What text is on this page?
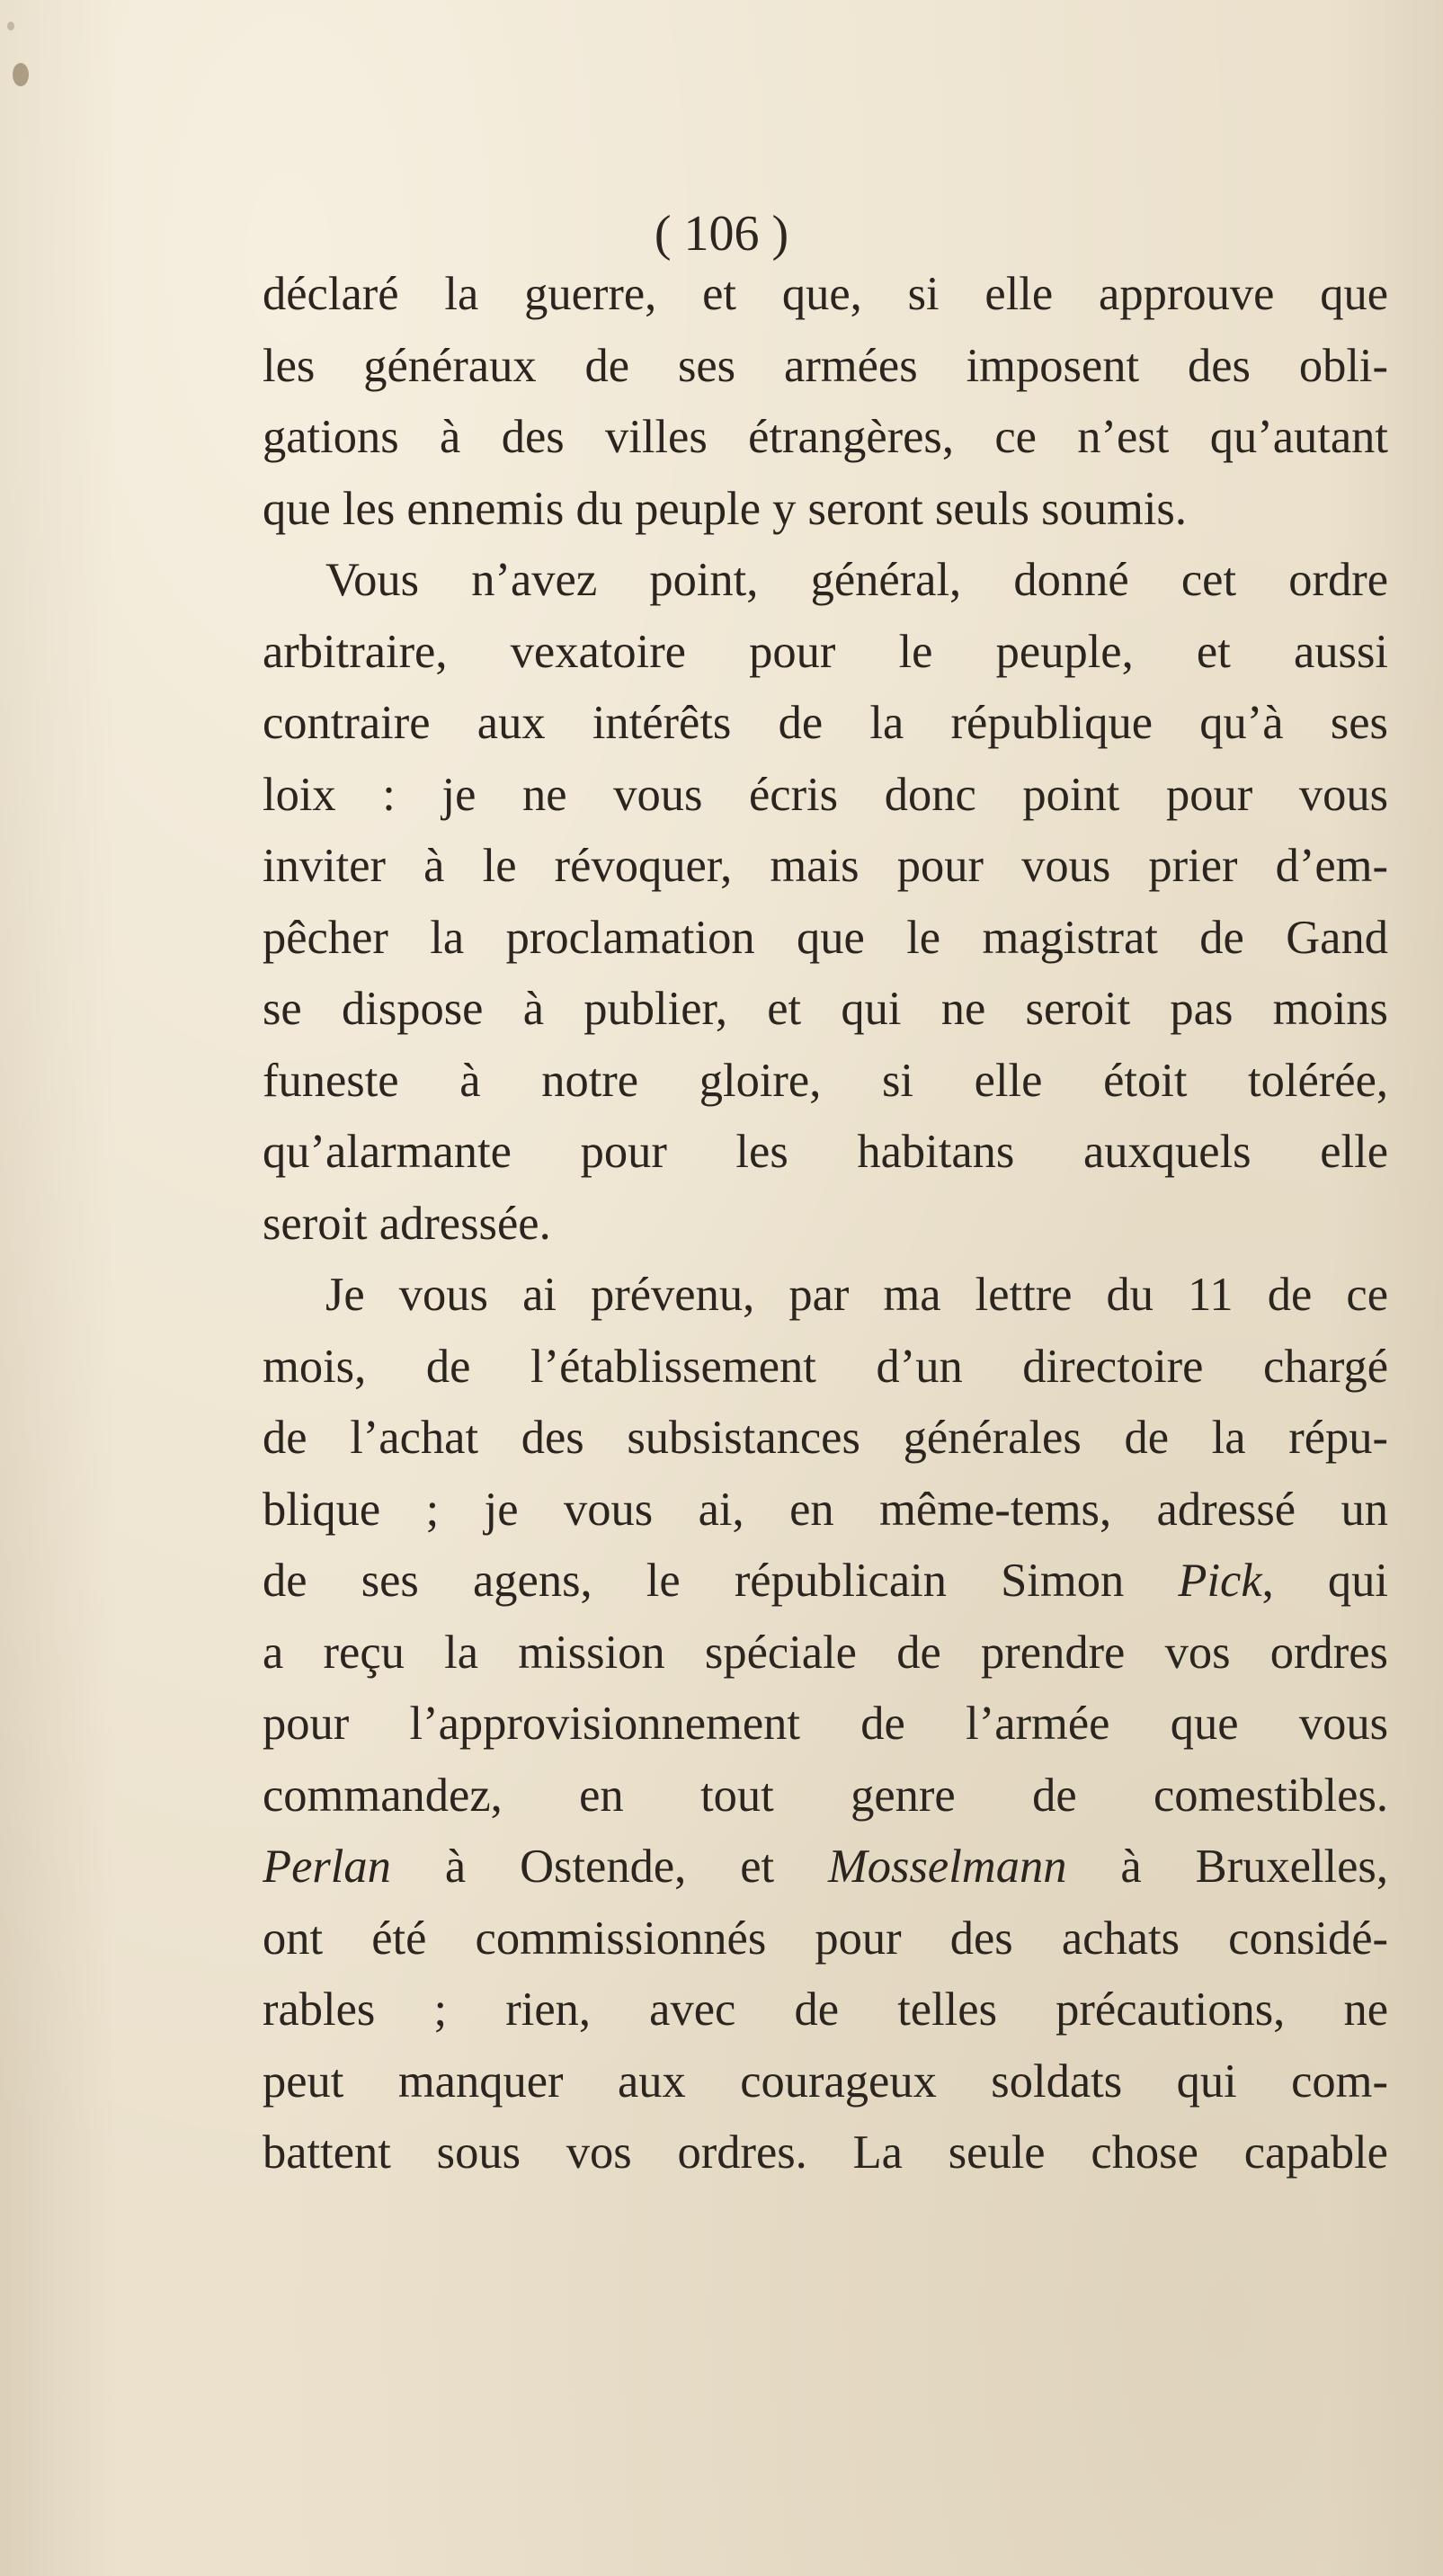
( 106 )
déclaré la guerre, et que, si elle approuve que
les généraux de ses armées imposent des obli-
gations à des villes étrangères, ce n’est qu’autant
que les ennemis du peuple y seront seuls soumis.
Vous n’avez point, général, donné cet ordre
arbitraire, vexatoire pour le peuple, et aussi
contraire aux intérêts de la république qu’à ses
loix : je ne vous écris donc point pour vous
inviter à le révoquer, mais pour vous prier d’em-
pêcher la proclamation que le magistrat de Gand
se dispose à publier, et qui ne seroit pas moins
funeste à notre gloire, si elle étoit tolérée,
qu’alarmante pour les habitans auxquels elle
seroit adressée.
Je vous ai prévenu, par ma lettre du 11 de ce
mois, de l’établissement d’un directoire chargé
de l’achat des subsistances générales de la répu-
blique ; je vous ai, en même-tems, adressé un
de ses agens, le républicain Simon Pick, qui
a reçu la mission spéciale de prendre vos ordres
pour l’approvisionnement de l’armée que vous
commandez, en tout genre de comestibles.
Perlan à Ostende, et Mosselmann à Bruxelles,
ont été commissionnés pour des achats considé-
rables ; rien, avec de telles précautions, ne
peut manquer aux courageux soldats qui com-
battent sous vos ordres. La seule chose capable
